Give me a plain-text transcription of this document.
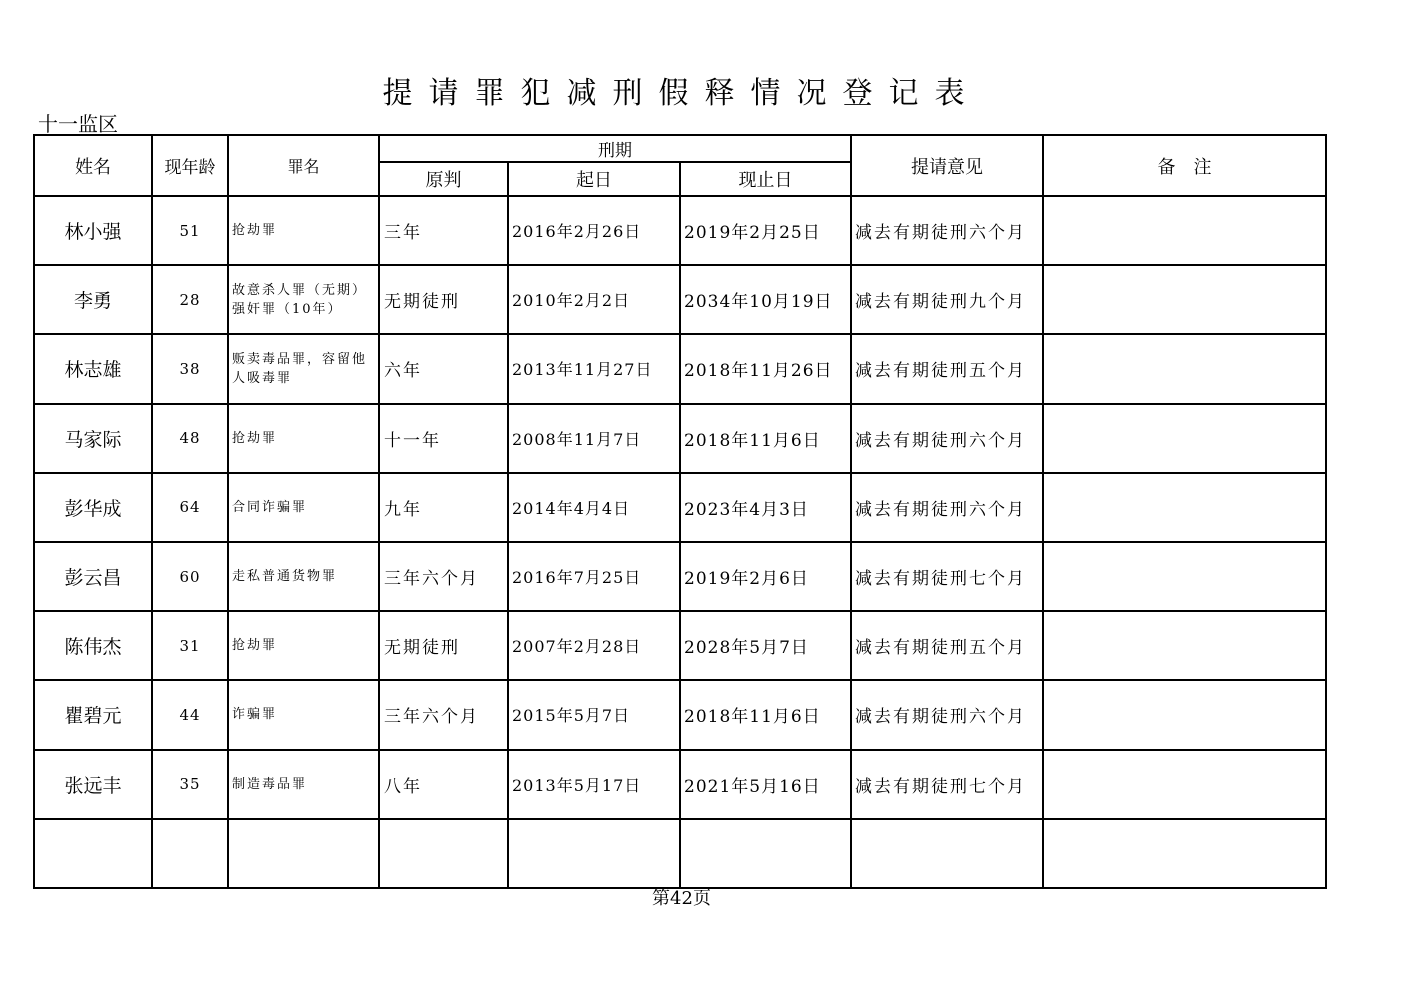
提请罪犯减刑假释情况登记表
十一监区
姓名	现年龄	罪名	刑期			提请意见	备　注
			原判	起日	现止日		
林小强	51	抢劫罪	三年	2016年2月26日	2019年2月25日	减去有期徒刑六个月	
李勇	28	故意杀人罪（无期）强奸罪（10年）	无期徒刑	2010年2月2日	2034年10月19日	减去有期徒刑九个月	
林志雄	38	贩卖毒品罪，容留他人吸毒罪	六年	2013年11月27日	2018年11月26日	减去有期徒刑五个月	
马家际	48	抢劫罪	十一年	2008年11月7日	2018年11月6日	减去有期徒刑六个月	
彭华成	64	合同诈骗罪	九年	2014年4月4日	2023年4月3日	减去有期徒刑六个月	
彭云昌	60	走私普通货物罪	三年六个月	2016年7月25日	2019年2月6日	减去有期徒刑七个月	
陈伟杰	31	抢劫罪	无期徒刑	2007年2月28日	2028年5月7日	减去有期徒刑五个月	
瞿碧元	44	诈骗罪	三年六个月	2015年5月7日	2018年11月6日	减去有期徒刑六个月	
张远丰	35	制造毒品罪	八年	2013年5月17日	2021年5月16日	减去有期徒刑七个月	

第42页
